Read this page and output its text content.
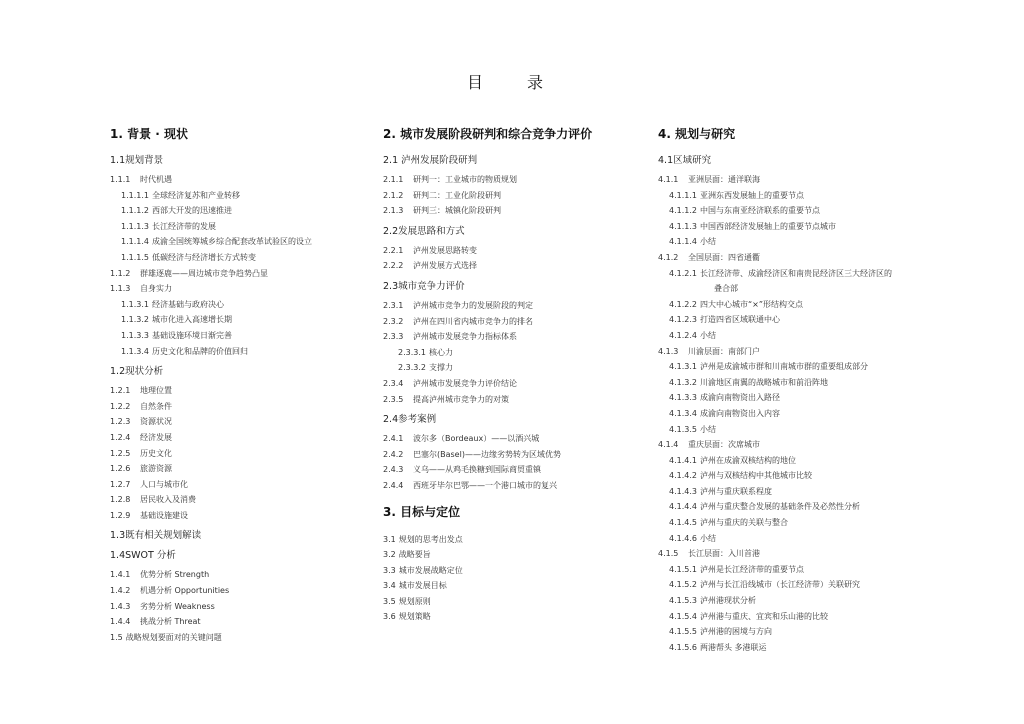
目　录
1. 背景 · 现状
1.1规划背景
1.1.1 时代机遇
1.1.1.1 全球经济复苏和产业转移
1.1.1.2 西部大开发的迅速推进
1.1.1.3 长江经济带的发展
1.1.1.4 成渝全国统筹城乡综合配套改革试验区的设立
1.1.1.5 低碳经济与经济增长方式转变
1.1.2 群雄逐鹿——周边城市竞争趋势凸显
1.1.3 自身实力
1.1.3.1 经济基础与政府决心
1.1.3.2 城市化进入高速增长期
1.1.3.3 基础设施环境日渐完善
1.1.3.4 历史文化和品牌的价值回归
1.2现状分析
1.2.1 地理位置
1.2.2 自然条件
1.2.3 资源状况
1.2.4 经济发展
1.2.5 历史文化
1.2.6 旅游资源
1.2.7 人口与城市化
1.2.8 居民收入及消费
1.2.9 基础设施建设
1.3既有相关规划解读
1.4SWOT 分析
1.4.1 优势分析 Strength
1.4.2 机遇分析 Opportunities
1.4.3 劣势分析 Weakness
1.4.4 挑战分析 Threat
1.5 战略规划要面对的关键问题
2. 城市发展阶段研判和综合竞争力评价
2.1 泸州发展阶段研判
2.1.1 研判一：工业城市的物质规划
2.1.2 研判二：工业化阶段研判
2.1.3 研判三：城镇化阶段研判
2.2发展思路和方式
2.2.1 泸州发展思路转变
2.2.2 泸州发展方式选择
2.3城市竞争力评价
2.3.1 泸州城市竞争力的发展阶段的判定
2.3.2 泸州在四川省内城市竞争力的排名
2.3.3 泸州城市发展竞争力指标体系
2.3.3.1 核心力
2.3.3.2 支撑力
2.3.4 泸州城市发展竞争力评价结论
2.3.5 提高泸州城市竞争力的对策
2.4参考案例
2.4.1 波尔多（Bordeaux）——以酒兴城
2.4.2 巴塞尔(Basel)——边缘劣势转为区域优势
2.4.3 义乌——从鸡毛换糖到国际商贸重镇
2.4.4 西班牙毕尔巴鄂——一个港口城市的复兴
3. 目标与定位
3.1 规划的思考出发点
3.2 战略要旨
3.3 城市发展战略定位
3.4 城市发展目标
3.5 规划原则
3.6 规划策略
4. 规划与研究
4.1区域研究
4.1.1 亚洲层面：通洋联海
4.1.1.1 亚洲东西发展轴上的重要节点
4.1.1.2 中国与东南亚经济联系的重要节点
4.1.1.3 中国西部经济发展轴上的重要节点城市
4.1.1.4 小结
4.1.2 全国层面：四省通衢
4.1.2.1 长江经济带、成渝经济区和南贵昆经济区三大经济区的
叠合部
4.1.2.2 四大中心城市“×”形结构交点
4.1.2.3 打造四省区域联通中心
4.1.2.4 小结
4.1.3 川渝层面：南部门户
4.1.3.1 泸州是成渝城市群和川南城市群的重要组成部分
4.1.3.2 川渝地区南翼的战略城市和前沿阵地
4.1.3.3 成渝向南物资出入路径
4.1.3.4 成渝向南物资出入内容
4.1.3.5 小结
4.1.4 重庆层面：次席城市
4.1.4.1 泸州在成渝双核结构的地位
4.1.4.2 泸州与双核结构中其他城市比较
4.1.4.3 泸州与重庆联系程度
4.1.4.4 泸州与重庆整合发展的基础条件及必然性分析
4.1.4.5 泸州与重庆的关联与整合
4.1.4.6 小结
4.1.5 长江层面：入川首港
4.1.5.1 泸州是长江经济带的重要节点
4.1.5.2 泸州与长江沿线城市（长江经济带）关联研究
4.1.5.3 泸州港现状分析
4.1.5.4 泸州港与重庆、宜宾和乐山港的比较
4.1.5.5 泸州港的困境与方向
4.1.5.6 两港帮头 多港联运
